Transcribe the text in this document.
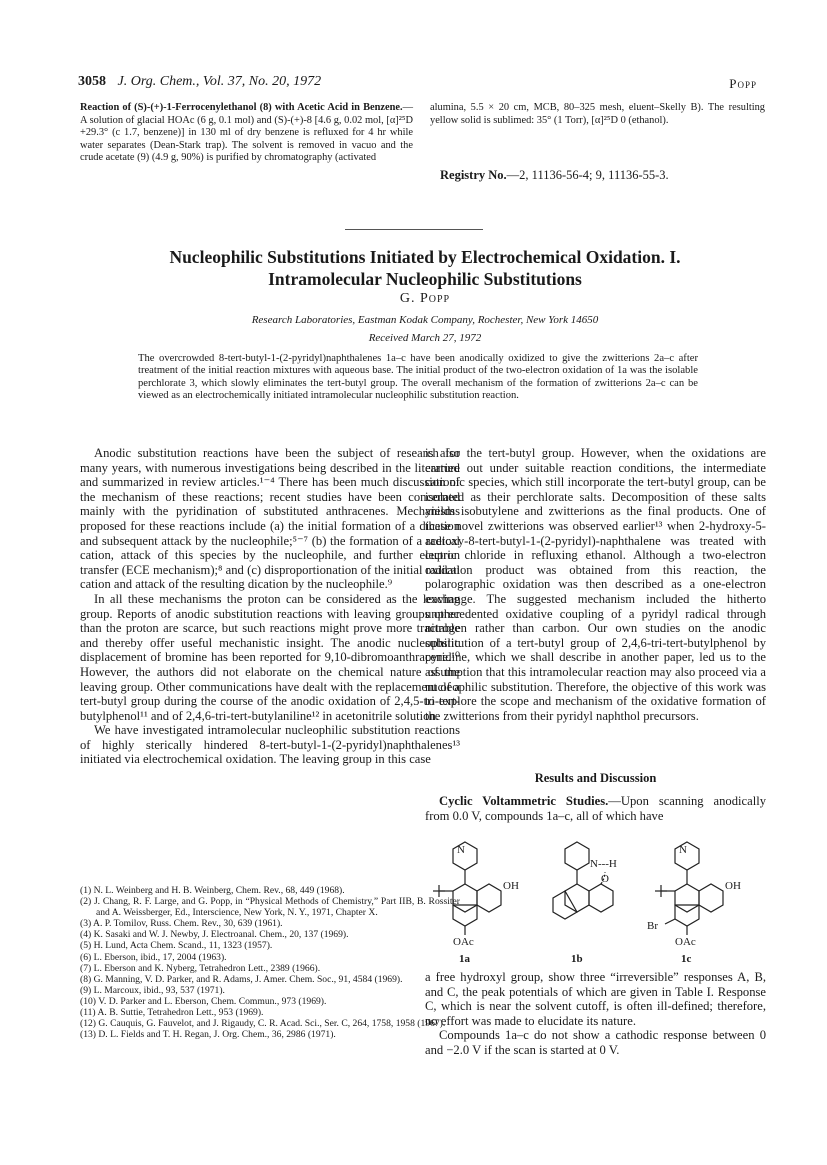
3058 J. Org. Chem., Vol. 37, No. 20, 1972	Popp
Reaction of (S)-(+)-1-Ferrocenylethanol (8) with Acetic Acid in Benzene.—A solution of glacial HOAc (6 g, 0.1 mol) and (S)-(+)-8 [4.6 g, 0.02 mol, [α]²⁵D +29.3° (c 1.7, benzene)] in 130 ml of dry benzene is refluxed for 4 hr while water separates (Dean-Stark trap). The solvent is removed in vacuo and the crude acetate (9) (4.9 g, 90%) is purified by chromatography (activated
alumina, 5.5 × 20 cm, MCB, 80–325 mesh, eluent–Skelly B). The resulting yellow solid is sublimed: 35° (1 Torr), [α]²⁵D 0 (ethanol).
Registry No.—2, 11136-56-4; 9, 11136-55-3.
Nucleophilic Substitutions Initiated by Electrochemical Oxidation. I.
Intramolecular Nucleophilic Substitutions
G. Popp
Research Laboratories, Eastman Kodak Company, Rochester, New York 14650
Received March 27, 1972
The overcrowded 8-tert-butyl-1-(2-pyridyl)naphthalenes 1a–c have been anodically oxidized to give the zwitterions 2a–c after treatment of the initial reaction mixtures with aqueous base. The initial product of the two-electron oxidation of 1a was the isolable perchlorate 3, which slowly eliminates the tert-butyl group. The overall mechanism of the formation of zwitterions 2a–c can be viewed as an electrochemically initiated intramolecular nucleophilic substitution reaction.

Anodic substitution reactions have been the subject of research for many years, with numerous investigations being described in the literature and summarized in review articles.¹⁻⁴ There has been much discussion of the mechanism of these reactions; recent studies have been concerned mainly with the pyridination of substituted anthracenes. Mechanisms proposed for these reactions include (a) the initial formation of a dication and subsequent attack by the nucleophile;⁵⁻⁷ (b) the formation of a radical cation, attack of this species by the nucleophile, and further electron transfer (ECE mechanism);⁸ and (c) disproportionation of the initial radical cation and attack of the resulting dication by the nucleophile.⁹

In all these mechanisms the proton can be considered as the leaving group. Reports of anodic substitution reactions with leaving groups other than the proton are scarce, but such reactions might prove more tractable and thereby offer useful mechanistic insight. The anodic nucleophilic displacement of bromine has been reported for 9,10-dibromoanthracene.¹⁰ However, the authors did not elaborate on the chemical nature of the leaving group. Other communications have dealt with the replacement of a tert-butyl group during the course of the anodic oxidation of 2,4,5-tri-tert-butylphenol¹¹ and of 2,4,6-tri-tert-butylaniline¹² in acetonitrile solution.

We have investigated intramolecular nucleophilic substitution reactions of highly sterically hindered 8-tert-butyl-1-(2-pyridyl)naphthalenes¹³ initiated via electrochemical oxidation. The leaving group in this case

is also the tert-butyl group. However, when the oxidations are carried out under suitable reaction conditions, the intermediate cationic species, which still incorporate the tert-butyl group, can be isolated as their perchlorate salts. Decomposition of these salts yields isobutylene and zwitterions as the final products. One of these novel zwitterions was observed earlier¹³ when 2-hydroxy-5-acetoxy-8-tert-butyl-1-(2-pyridyl)-naphthalene was treated with cupric chloride in refluxing ethanol. Although a two-electron oxidation product was obtained from this reaction, the polarographic oxidation was then described as a one-electron exchange. The suggested mechanism included the hitherto unprecedented oxidative coupling of a pyridyl radical through nitrogen rather than carbon. Our own studies on the anodic substitution of a tert-butyl group of 2,4,6-tri-tert-butylphenol by pyridine, which we shall describe in another paper, led us to the assumption that this intramolecular reaction may also proceed via a nucleophilic substitution. Therefore, the objective of this work was to explore the scope and mechanism of the oxidative formation of the zwitterions from their pyridyl naphthol precursors.

Results and Discussion

Cyclic Voltammetric Studies.—Upon scanning anodically from 0.0 V, compounds 1a–c, all of which have

N
OH
OAc
N---H
O
N
OH
Br
OAc
1a	1b	1c

a free hydroxyl group, show three “irreversible” responses A, B, and C, the peak potentials of which are given in Table I. Response C, which is near the solvent cutoff, is often ill-defined; therefore, no effort was made to elucidate its nature.

Compounds 1a–c do not show a cathodic response between 0 and −2.0 V if the scan is started at 0 V.

(1) N. L. Weinberg and H. B. Weinberg, Chem. Rev., 68, 449 (1968).
(2) J. Chang, R. F. Large, and G. Popp, in “Physical Methods of Chemistry,” Part IIB, B. Rossiter and A. Weissberger, Ed., Interscience, New York, N. Y., 1971, Chapter X.
(3) A. P. Tomilov, Russ. Chem. Rev., 30, 639 (1961).
(4) K. Sasaki and W. J. Newby, J. Electroanal. Chem., 20, 137 (1969).
(5) H. Lund, Acta Chem. Scand., 11, 1323 (1957).
(6) L. Eberson, ibid., 17, 2004 (1963).
(7) L. Eberson and K. Nyberg, Tetrahedron Lett., 2389 (1966).
(8) G. Manning, V. D. Parker, and R. Adams, J. Amer. Chem. Soc., 91, 4584 (1969).
(9) L. Marcoux, ibid., 93, 537 (1971).
(10) V. D. Parker and L. Eberson, Chem. Commun., 973 (1969).
(11) A. B. Suttie, Tetrahedron Lett., 953 (1969).
(12) G. Cauquis, G. Fauvelot, and J. Rigaudy, C. R. Acad. Sci., Ser. C, 264, 1758, 1958 (1967).
(13) D. L. Fields and T. H. Regan, J. Org. Chem., 36, 2986 (1971).
